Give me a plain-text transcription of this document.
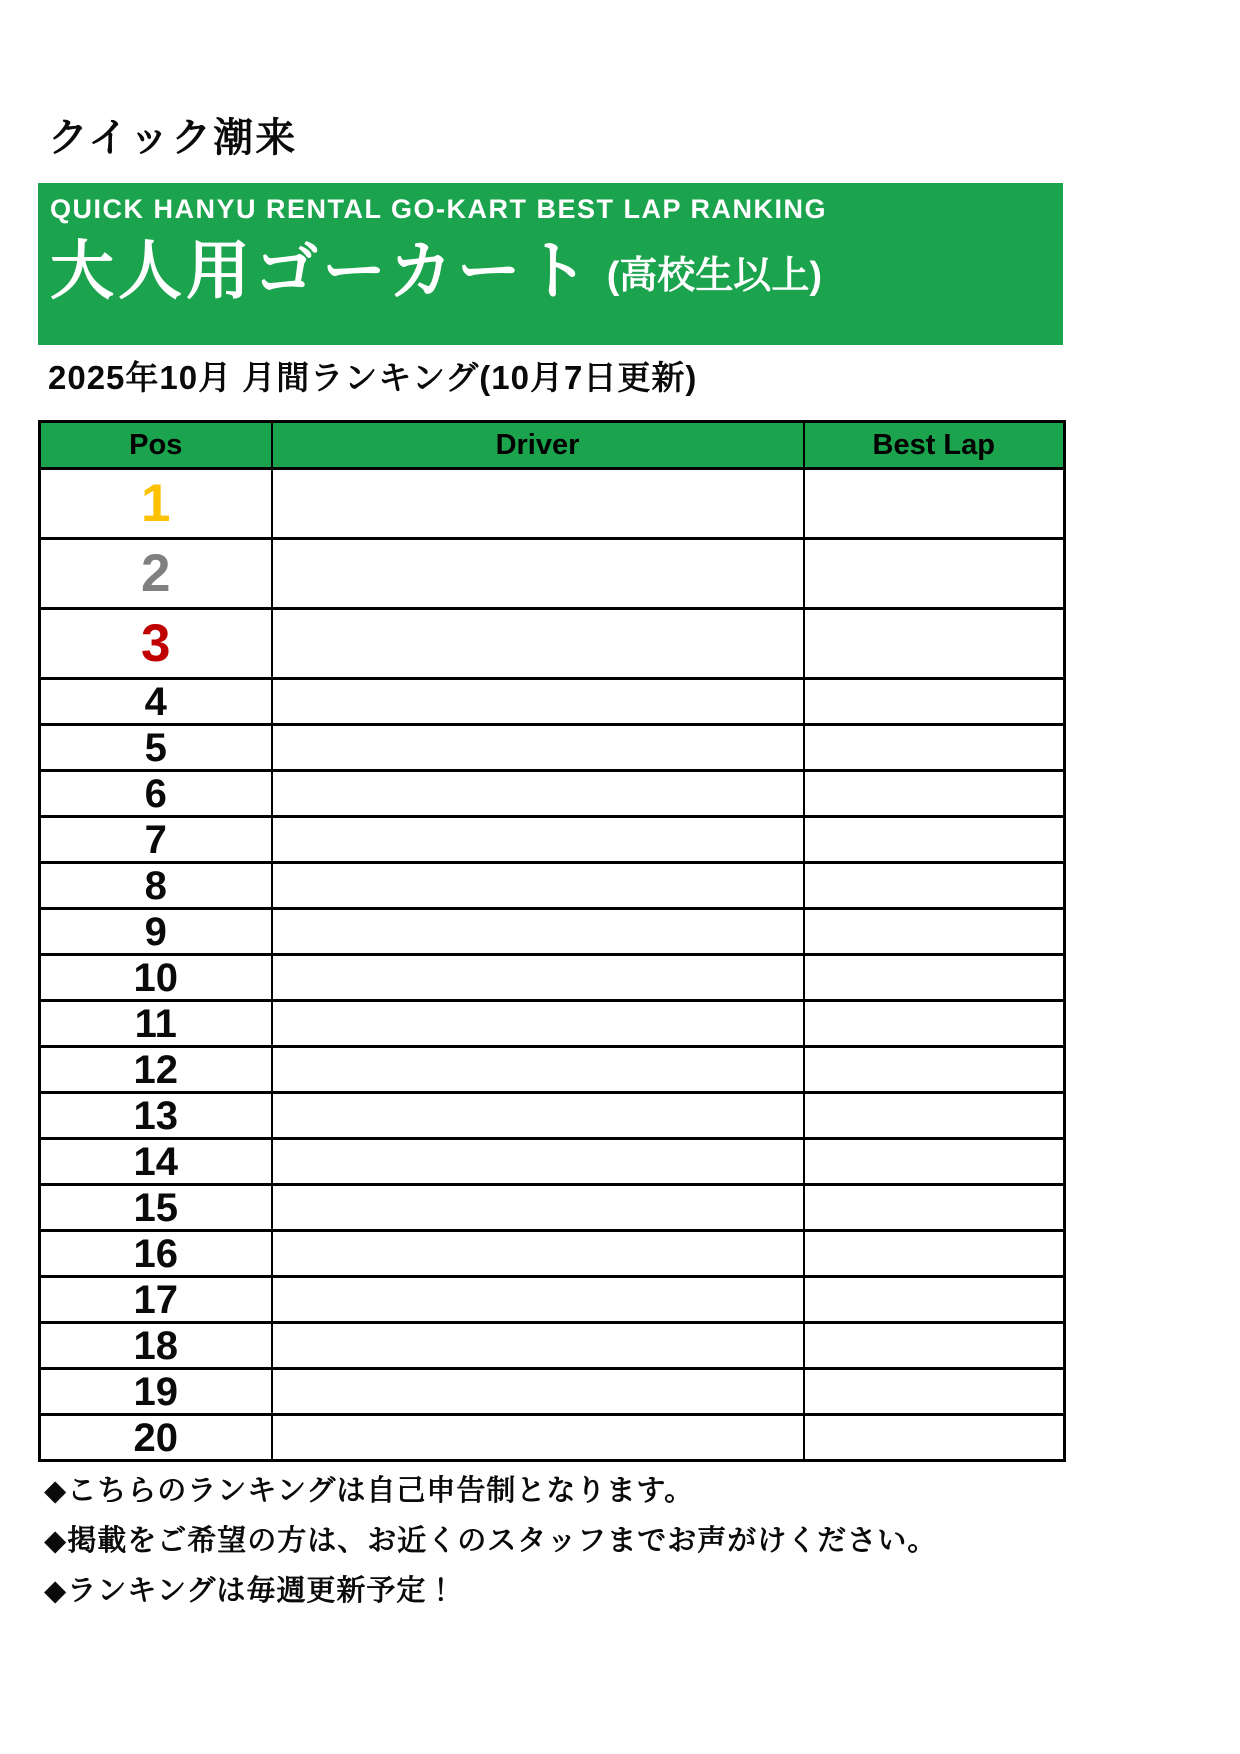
クイック潮来
QUICK HANYU RENTAL GO-KART BEST LAP RANKING
大人用ゴーカート (高校生以上)
2025年10月 月間ランキング(10月7日更新)
Pos	Driver	Best Lap
1		
2		
3		
4		
5		
6		
7		
8		
9		
10		
11		
12		
13		
14		
15		
16		
17		
18		
19		
20		
◆こちらのランキングは自己申告制となります。
◆掲載をご希望の方は、お近くのスタッフまでお声がけください。
◆ランキングは毎週更新予定！
